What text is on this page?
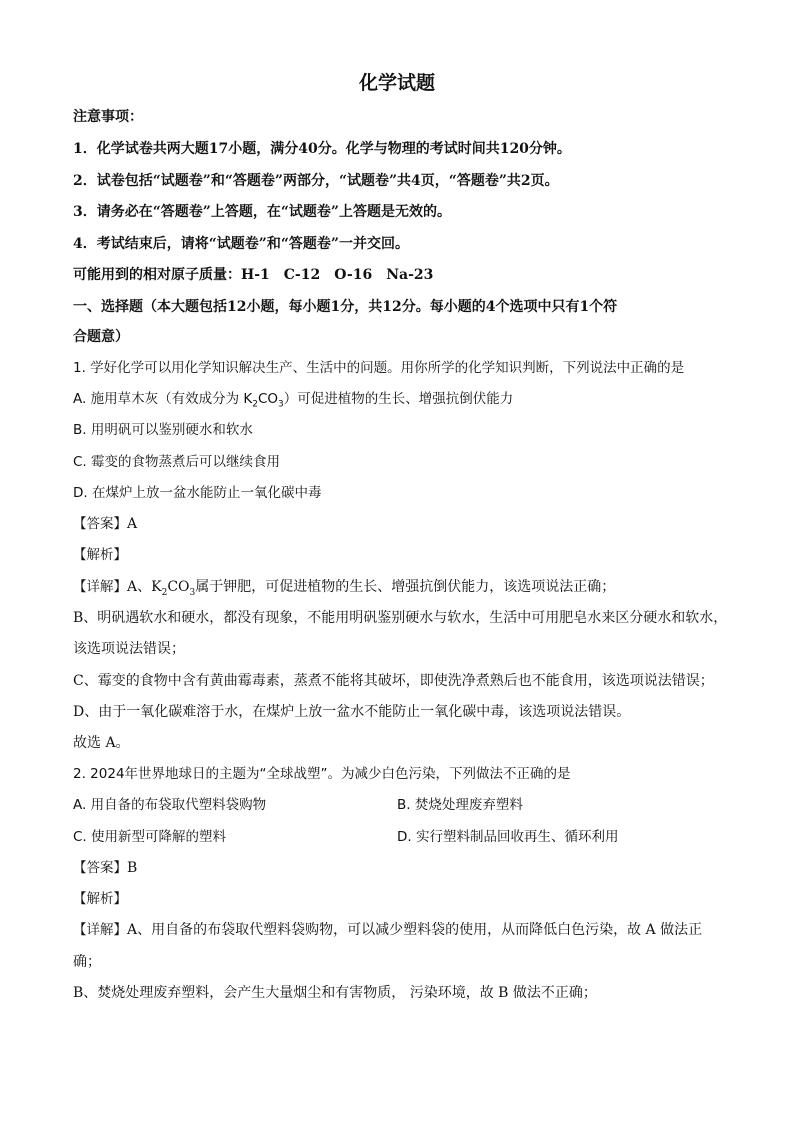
化学试题
注意事项：
1．化学试卷共两大题17小题，满分40分。化学与物理的考试时间共120分钟。
2．试卷包括“试题卷”和“答题卷”两部分，“试题卷”共4页，“答题卷”共2页。
3．请务必在“答题卷”上答题，在“试题卷”上答题是无效的。
4．考试结束后，请将“试题卷”和“答题卷”一并交回。
可能用到的相对原子质量：H-1　C-12　O-16　Na-23
一、选择题（本大题包括12小题，每小题1分，共12分。每小题的4个选项中只有1个符
合题意）
1. 学好化学可以用化学知识解决生产、生活中的问题。用你所学的化学知识判断，下列说法中正确的是
A. 施用草木灰（有效成分为 $K_2CO_3$）可促进植物的生长、增强抗倒伏能力
B. 用明矾可以鉴别硬水和软水
C. 霉变的食物蒸煮后可以继续食用
D. 在煤炉上放一盆水能防止一氧化碳中毒
【答案】A
【解析】
【详解】A、$K_2CO_3$属于钾肥，可促进植物的生长、增强抗倒伏能力，该选项说法正确；
B、明矾遇软水和硬水，都没有现象，不能用明矾鉴别硬水与软水，生活中可用肥皂水来区分硬水和软水，
该选项说法错误；
C、霉变的食物中含有黄曲霉毒素，蒸煮不能将其破坏，即使洗净煮熟后也不能食用，该选项说法错误；
D、由于一氧化碳难溶于水，在煤炉上放一盆水不能防止一氧化碳中毒，该选项说法错误。
故选 A。
2. 2024年世界地球日的主题为“全球战塑”。为减少白色污染，下列做法不正确的是
A. 用自备的布袋取代塑料袋购物	B. 焚烧处理废弃塑料
C. 使用新型可降解的塑料	D. 实行塑料制品回收再生、循环利用
【答案】B
【解析】
【详解】A、用自备的布袋取代塑料袋购物，可以减少塑料袋的使用，从而降低白色污染，故 A 做法正
确；
B、焚烧处理废弃塑料，会产生大量烟尘和有害物质， 污染环境，故 B 做法不正确；
